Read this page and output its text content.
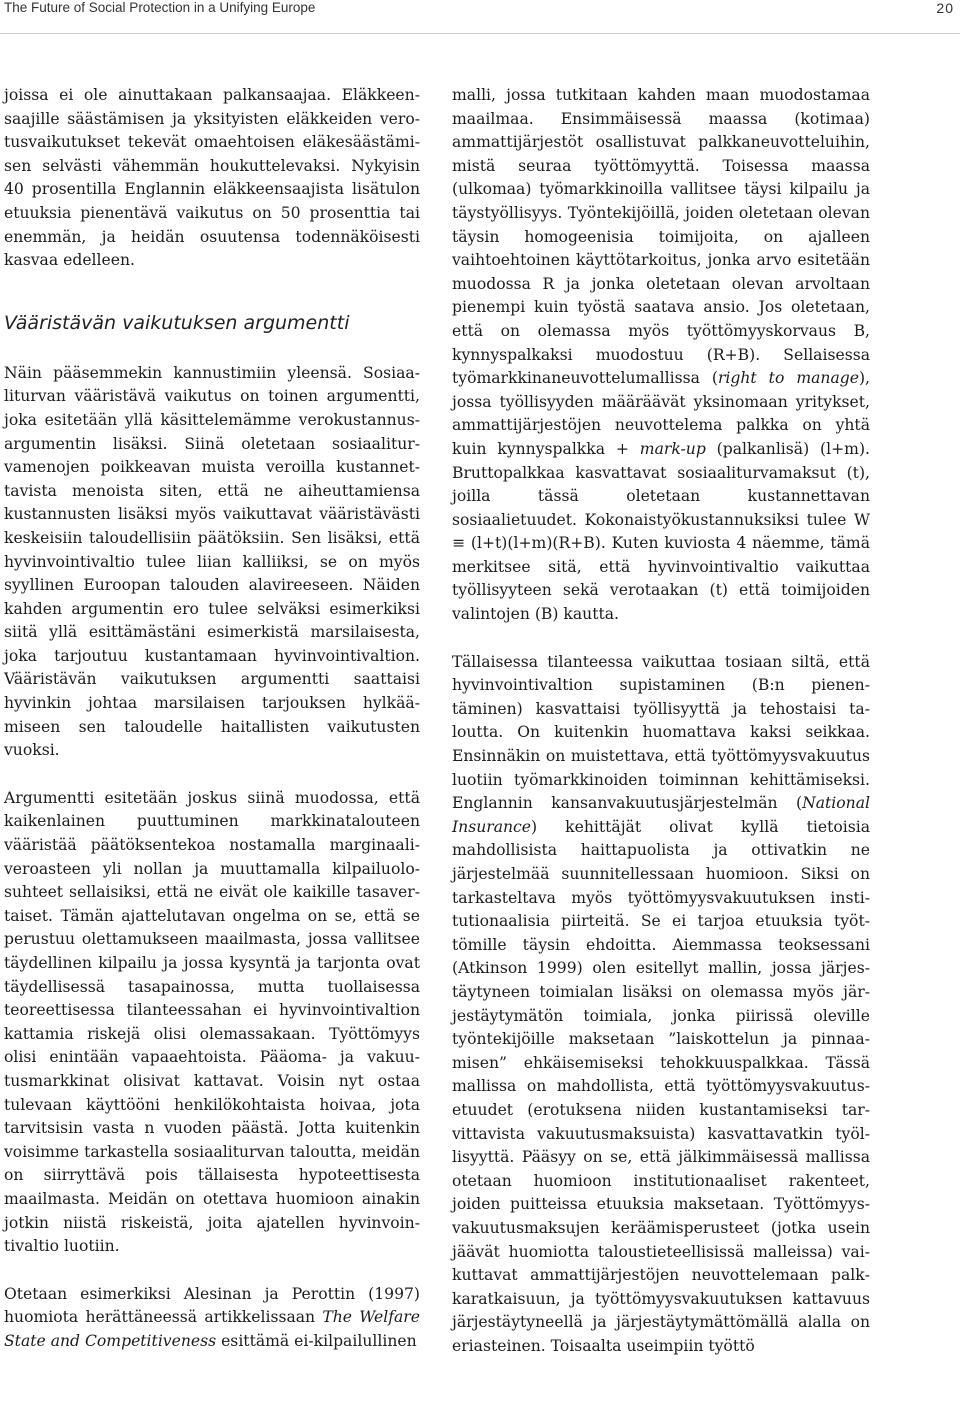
The Future of Social Protection in a Unifying Europe	20

joissa ei ole ainuttakaan palkansaajaa. Eläkkeensaajille säästämisen ja yksityisten eläkkeiden verotusvaikutukset tekevät omaehtoisen eläkesäästämisen selvästi vähemmän houkuttelevaksi. Nykyisin 40 prosentilla Englannin eläkkeensaajista lisätulon etuuksia pienentävä vaikutus on 50 prosenttia tai enemmän, ja heidän osuutensa todennäköisesti kasvaa edelleen.

Vääristävän vaikutuksen argumentti

Näin pääsemmekin kannustimiin yleensä. Sosiaaliturvan vääristävä vaikutus on toinen argumentti, joka esitetään yllä käsittelemämme verokustannusargumentin lisäksi. Siinä oletetaan sosiaaliturvamenojen poikkeavan muista veroilla kustannettavista menoista siten, että ne aiheuttamiensa kustannusten lisäksi myös vaikuttavat vääristävästi keskeisiin taloudellisiin päätöksiin. Sen lisäksi, että hyvinvointivaltio tulee liian kalliiksi, se on myös syyllinen Euroopan talouden alavireeseen. Näiden kahden argumentin ero tulee selväksi esimerkiksi siitä yllä esittämästäni esimerkistä marsilaisesta, joka tarjoutuu kustantamaan hyvinvointivaltion. Vääristävän vaikutuksen argumentti saattaisi hyvinkin johtaa marsilaisen tarjouksen hylkäämiseen sen taloudelle haitallisten vaikutusten vuoksi.

Argumentti esitetään joskus siinä muodossa, että kaikenlainen puuttuminen markkinatalouteen vääristää päätöksentekoa nostamalla marginaaliveroasteen yli nollan ja muuttamalla kilpailuolosuhteet sellaisiksi, että ne eivät ole kaikille tasavertaiset. Tämän ajattelutavan ongelma on se, että se perustuu olettamukseen maailmasta, jossa vallitsee täydellinen kilpailu ja jossa kysyntä ja tarjonta ovat täydellisessä tasapainossa, mutta tuollaisessa teoreettisessa tilanteessahan ei hyvinvointivaltion kattamia riskejä olisi olemassakaan. Työttömyys olisi enintään vapaaehtoista. Pääoma- ja vakuutusmarkkinat olisivat kattavat. Voisin nyt ostaa tulevaan käyttööni henkilökohtaista hoivaa, jota tarvitsisin vasta n vuoden päästä. Jotta kuitenkin voisimme tarkastella sosiaaliturvan taloutta, meidän on siirryttävä pois tällaisesta hypoteettisesta maailmasta. Meidän on otettava huomioon ainakin jotkin niistä riskeistä, joita ajatellen hyvinvointivaltio luotiin.

Otetaan esimerkiksi Alesinan ja Perottin (1997) huomiota herättäneessä artikkelissaan The Welfare State and Competitiveness esittämä ei-kilpailullinen

malli, jossa tutkitaan kahden maan muodostamaa maailmaa. Ensimmäisessä maassa (kotimaa) ammattijärjestöt osallistuvat palkkaneuvotteluihin, mistä seuraa työttömyyttä. Toisessa maassa (ulkomaa) työmarkkinoilla vallitsee täysi kilpailu ja täystyöllisyys. Työntekijöillä, joiden oletetaan olevan täysin homogeenisia toimijoita, on ajalleen vaihtoehtoinen käyttötarkoitus, jonka arvo esitetään muodossa R ja jonka oletetaan olevan arvoltaan pienempi kuin työstä saatava ansio. Jos oletetaan, että on olemassa myös työttömyyskorvaus B, kynnyspalkaksi muodostuu (R+B). Sellaisessa työmarkkinaneuvottelumallissa (right to manage), jossa työllisyyden määräävät yksinomaan yritykset, ammattijärjestöjen neuvottelema palkka on yhtä kuin kynnyspalkka + mark-up (palkanlisä) (l+m). Bruttopalkkaa kasvattavat sosiaaliturvamaksut (t), joilla tässä oletetaan kustannettavan sosiaalietuudet. Kokonaistyökustannuksiksi tulee W ≡ (l+t)(l+m)(R+B). Kuten kuviosta 4 näemme, tämä merkitsee sitä, että hyvinvointivaltio vaikuttaa työllisyyteen sekä verotaakan (t) että toimijoiden valintojen (B) kautta.

Tällaisessa tilanteessa vaikuttaa tosiaan siltä, että hyvinvointivaltion supistaminen (B:n pienentäminen) kasvattaisi työllisyyttä ja tehostaisi taloutta. On kuitenkin huomattava kaksi seikkaa. Ensinnäkin on muistettava, että työttömyysvakuutus luotiin työmarkkinoiden toiminnan kehittämiseksi. Englannin kansanvakuutusjärjestelmän (National Insurance) kehittäjät olivat kyllä tietoisia mahdollisista haittapuolista ja ottivatkin ne järjestelmää suunnitellessaan huomioon. Siksi on tarkasteltava myös työttömyysvakuutuksen institutionaalisia piirteitä. Se ei tarjoa etuuksia työttömille täysin ehdoitta. Aiemmassa teoksessani (Atkinson 1999) olen esitellyt mallin, jossa järjestäytyneen toimialan lisäksi on olemassa myös järjestäytymätön toimiala, jonka piirissä oleville työntekijöille maksetaan ”laiskottelun ja pinnaamisen” ehkäisemiseksi tehokkuuspalkkaa. Tässä mallissa on mahdollista, että työttömyysvakuutusetuudet (erotuksena niiden kustantamiseksi tarvittavista vakuutusmaksuista) kasvattavatkin työllisyyttä. Pääsyy on se, että jälkimmäisessä mallissa otetaan huomioon institutionaaliset rakenteet, joiden puitteissa etuuksia maksetaan. Työttömyysvakuutusmaksujen keräämisperusteet (jotka usein jäävät huomiotta taloustieteellisissä malleissa) vaikuttavat ammattijärjestöjen neuvottelemaan palkkaratkaisuun, ja työttömyysvakuutuksen kattavuus järjestäytyneellä ja järjestäytymättömällä alalla on eriasteinen. Toisaalta useimpiin työttö
